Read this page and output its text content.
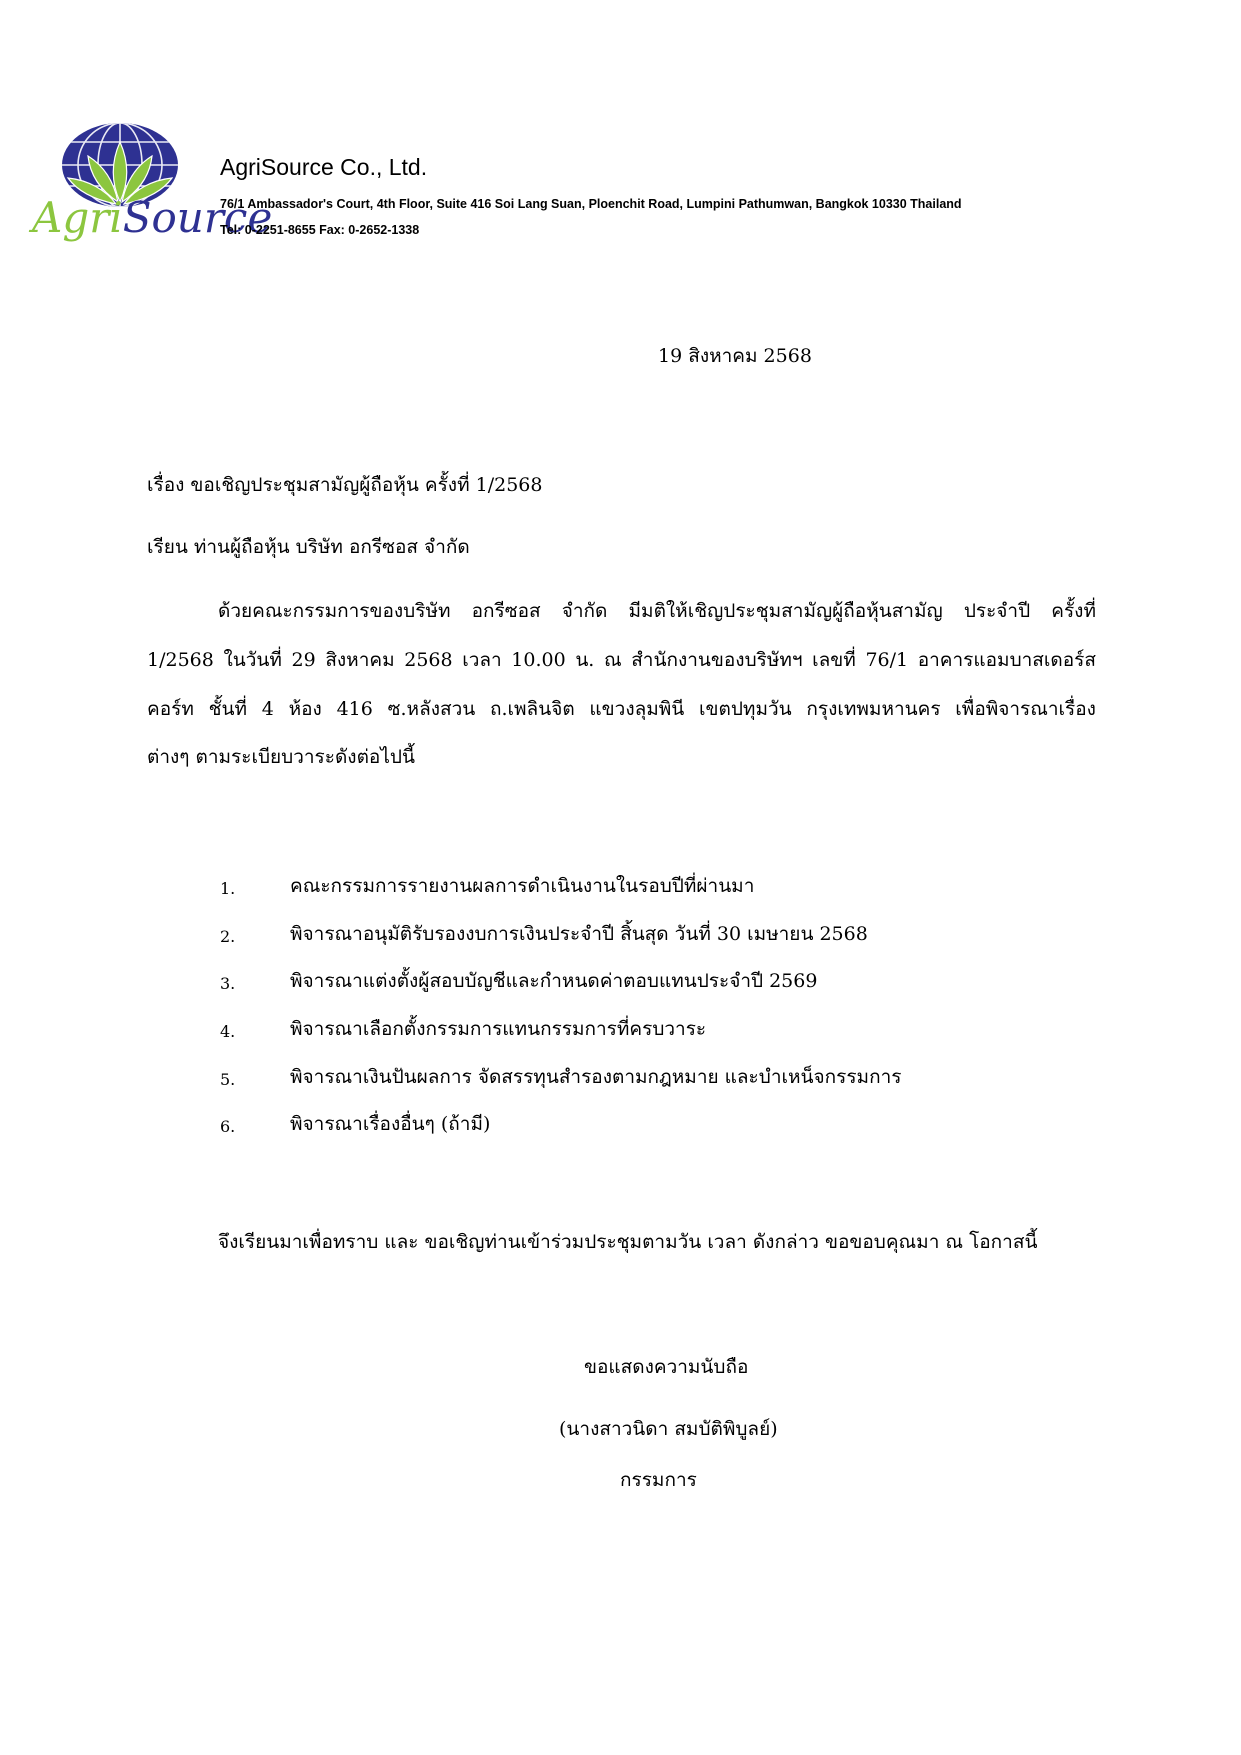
AgriSource
AgriSource Co., Ltd.
76/1 Ambassador's Court, 4th Floor, Suite 416 Soi Lang Suan, Ploenchit Road, Lumpini Pathumwan, Bangkok 10330 Thailand
Tel: 0-2251-8655 Fax: 0-2652-1338
19 สิงหาคม 2568
เรื่อง ขอเชิญประชุมสามัญผู้ถือหุ้น ครั้งที่ 1/2568
เรียน ท่านผู้ถือหุ้น บริษัท อกรีซอส จำกัด
ด้วยคณะกรรมการของบริษัท อกรีซอส จำกัด มีมติให้เชิญประชุมสามัญผู้ถือหุ้นสามัญ ประจำปี ครั้งที่
1/2568 ในวันที่ 29 สิงหาคม 2568 เวลา 10.00 น. ณ สำนักงานของบริษัทฯ เลขที่ 76/1 อาคารแอมบาสเดอร์ส
คอร์ท ชั้นที่ 4 ห้อง 416 ซ.หลังสวน ถ.เพลินจิต แขวงลุมพินี เขตปทุมวัน กรุงเทพมหานคร เพื่อพิจารณาเรื่อง
ต่างๆ ตามระเบียบวาระดังต่อไปนี้
1.	คณะกรรมการรายงานผลการดำเนินงานในรอบปีที่ผ่านมา
2.	พิจารณาอนุมัติรับรองงบการเงินประจำปี สิ้นสุด วันที่ 30 เมษายน 2568
3.	พิจารณาแต่งตั้งผู้สอบบัญชีและกำหนดค่าตอบแทนประจำปี 2569
4.	พิจารณาเลือกตั้งกรรมการแทนกรรมการที่ครบวาระ
5.	พิจารณาเงินปันผลการ จัดสรรทุนสำรองตามกฎหมาย และบำเหน็จกรรมการ
6.	พิจารณาเรื่องอื่นๆ (ถ้ามี)
จึงเรียนมาเพื่อทราบ และ ขอเชิญท่านเข้าร่วมประชุมตามวัน เวลา ดังกล่าว ขอขอบคุณมา ณ โอกาสนี้
ขอแสดงความนับถือ
(นางสาวนิดา สมบัติพิบูลย์)
กรรมการ
